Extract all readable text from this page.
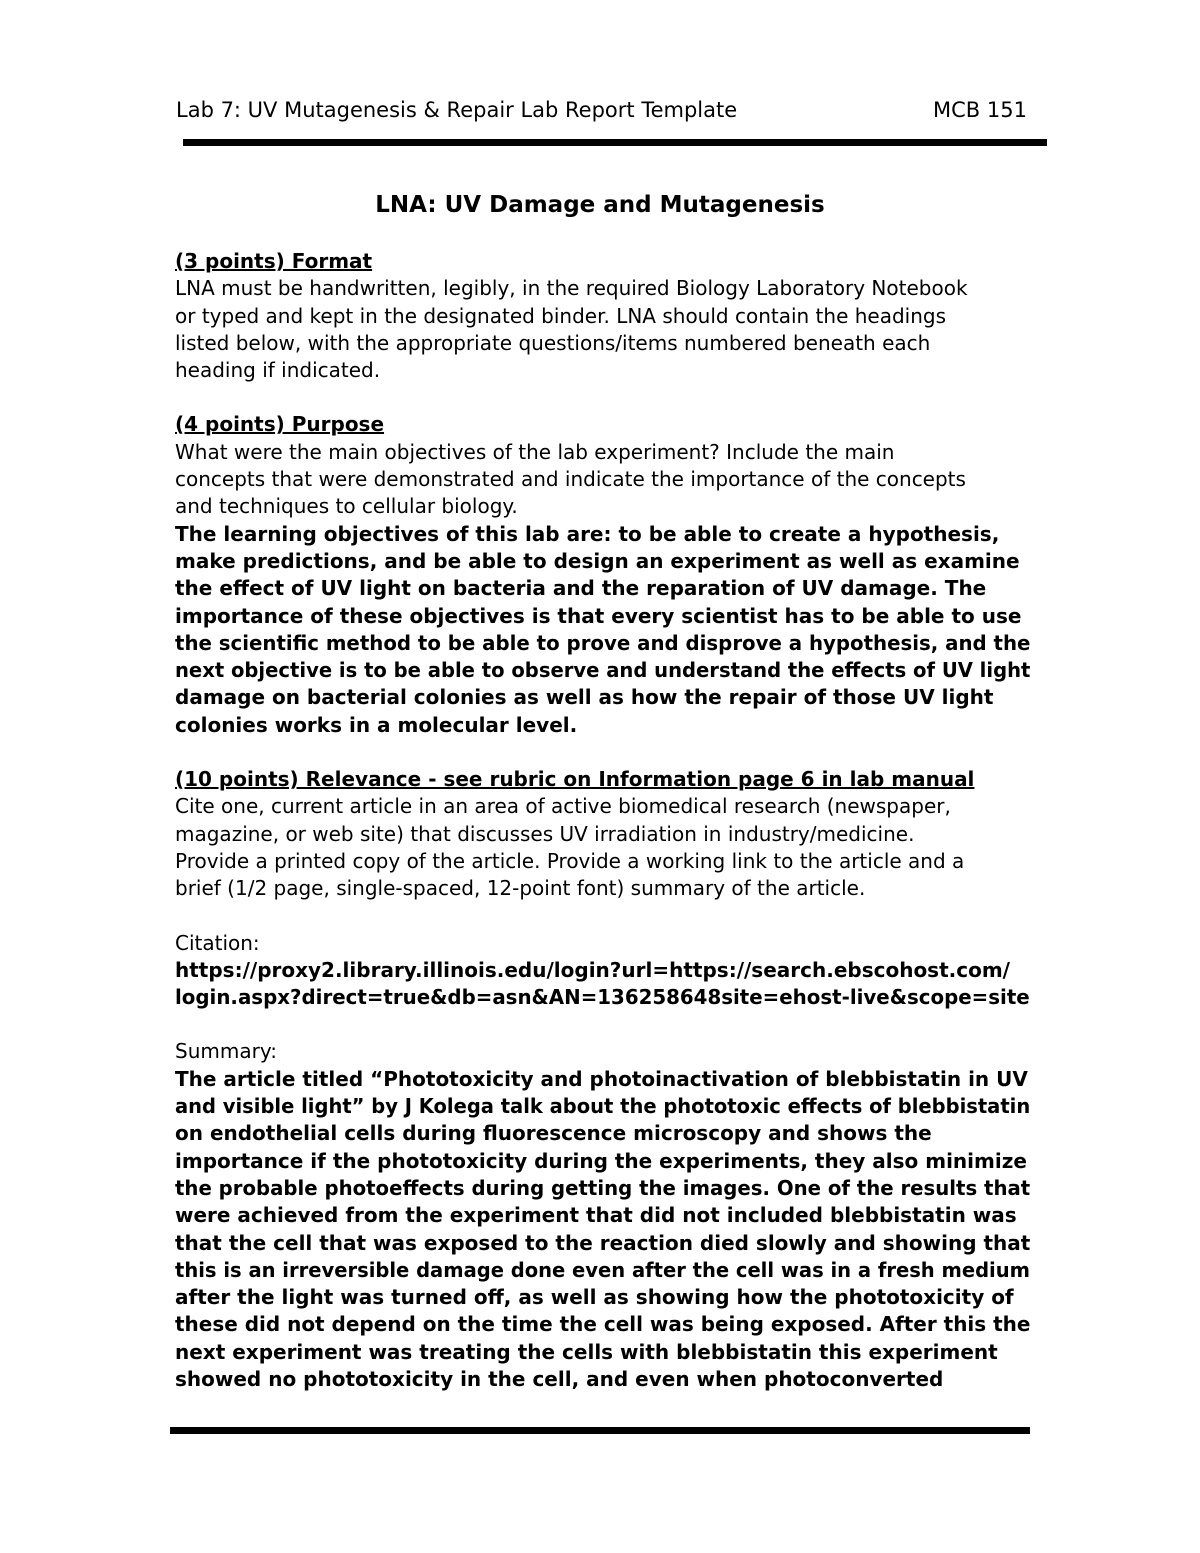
Lab 7: UV Mutagenesis & Repair Lab Report Template	MCB 151
LNA: UV Damage and Mutagenesis
(3 points) Format
LNA must be handwritten, legibly, in the required Biology Laboratory Notebook
or typed and kept in the designated binder. LNA should contain the headings
listed below, with the appropriate questions/items numbered beneath each
heading if indicated.
(4 points) Purpose
What were the main objectives of the lab experiment? Include the main
concepts that were demonstrated and indicate the importance of the concepts
and techniques to cellular biology.
The learning objectives of this lab are: to be able to create a hypothesis,
make predictions, and be able to design an experiment as well as examine
the effect of UV light on bacteria and the reparation of UV damage. The
importance of these objectives is that every scientist has to be able to use
the scientific method to be able to prove and disprove a hypothesis, and the
next objective is to be able to observe and understand the effects of UV light
damage on bacterial colonies as well as how the repair of those UV light
colonies works in a molecular level.
(10 points) Relevance - see rubric on Information page 6 in lab manual
Cite one, current article in an area of active biomedical research (newspaper,
magazine, or web site) that discusses UV irradiation in industry/medicine.
Provide a printed copy of the article. Provide a working link to the article and a
brief (1/2 page, single-spaced, 12-point font) summary of the article.
Citation:
https://proxy2.library.illinois.edu/login?url=https://search.ebscohost.com/
login.aspx?direct=true&db=asn&AN=136258648site=ehost-live&scope=site
Summary:
The article titled “Phototoxicity and photoinactivation of blebbistatin in UV
and visible light” by J Kolega talk about the phototoxic effects of blebbistatin
on endothelial cells during fluorescence microscopy and shows the
importance if the phototoxicity during the experiments, they also minimize
the probable photoeffects during getting the images. One of the results that
were achieved from the experiment that did not included blebbistatin was
that the cell that was exposed to the reaction died slowly and showing that
this is an irreversible damage done even after the cell was in a fresh medium
after the light was turned off, as well as showing how the phototoxicity of
these did not depend on the time the cell was being exposed. After this the
next experiment was treating the cells with blebbistatin this experiment
showed no phototoxicity in the cell, and even when photoconverted
